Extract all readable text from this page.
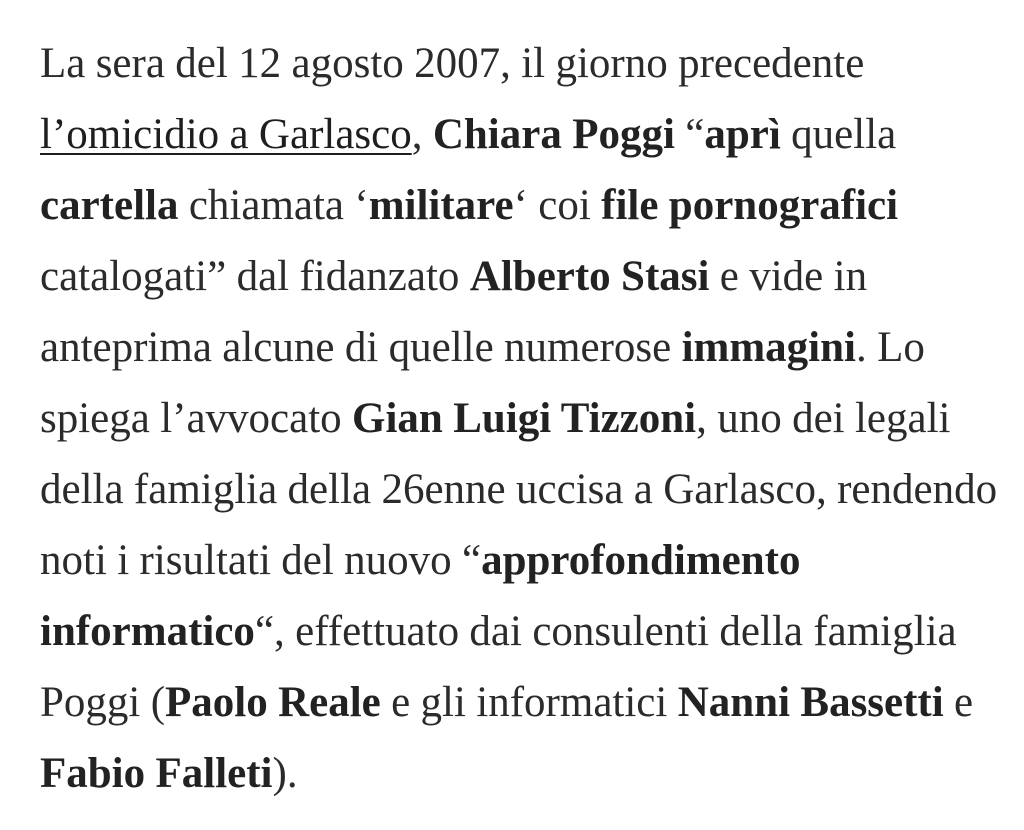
La sera del 12 agosto 2007, il giorno precedente l’omicidio a Garlasco, Chiara Poggi “aprì quella cartella chiamata ‘militare‘ coi file pornografici catalogati” dal fidanzato Alberto Stasi e vide in anteprima alcune di quelle numerose immagini. Lo spiega l’avvocato Gian Luigi Tizzoni, uno dei legali della famiglia della 26enne uccisa a Garlasco, rendendo noti i risultati del nuovo “approfondimento informatico“, effettuato dai consulenti della famiglia Poggi (Paolo Reale e gli informatici Nanni Bassetti e Fabio Falleti).
